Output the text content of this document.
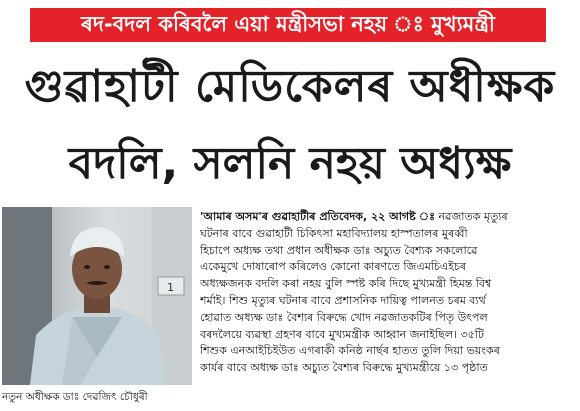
ৰদ-বদল কৰিবলৈ এয়া মন্ত্ৰীসভা নহয় ঃ মুখ্যমন্ত্ৰী
গুৱাহাটী মেডিকেলৰ অধীক্ষক
বদলি, সলনি নহয় অধ্যক্ষ
1
নতুন অধীক্ষক ডাঃ দেৱজিৎ চৌধুৰী
'আমাৰ অসম'ৰ গুৱাহাটীৰ প্ৰতিবেদক, ২২ আগষ্ট ঃ নৱজাতক মৃত্যুৰ
ঘটনাৰ বাবে গুৱাহাটী চিকিৎসা মহাবিদ্যালয় হাস্পতালৰ মুৰব্বী
হিচাপে অধ্যক্ষ তথা প্ৰধান অধীক্ষক ডাঃ অচ্যুত বৈশ্যক সকলোৱে
একেমুখে দোষাৰোপ কৰিলেও কোনো কাৰণতে জিএমচিএইচৰ
অধ্যক্ষজনক বদলি কৰা নহয় বুলি স্পষ্ট কৰি দিছে মুখ্যমন্ত্ৰী হিমন্ত বিশ্ব
শৰ্মাই। শিশু মৃত্যুৰ ঘটনাৰ বাবে প্ৰশাসনিক দায়িত্ব পালনত চৰম ব্যৰ্থ
হোৱাত অধ্যক্ষ ডাঃ বৈশ্যৰ বিৰুদ্ধে খোদ নৱজাতকটিৰ পিতৃ উৎপল
বৰদলৈয়ে ব্যৱস্থা গ্ৰহণৰ বাবে মুখ্যমন্ত্ৰীক আহ্বান জনাইছিল। ৩৫টি
শিশুক এনআইচিইউত এগৰাকী কনিষ্ঠ নাৰ্ছৰ হাতত তুলি দিয়া ভয়ংকৰ
কাৰ্যৰ বাবে অধ্যক্ষ ডাঃ অচ্যুত বৈশ্যৰ বিৰুদ্ধে মুখ্যমন্ত্ৰীয়ে ১৩ পৃষ্ঠাত
